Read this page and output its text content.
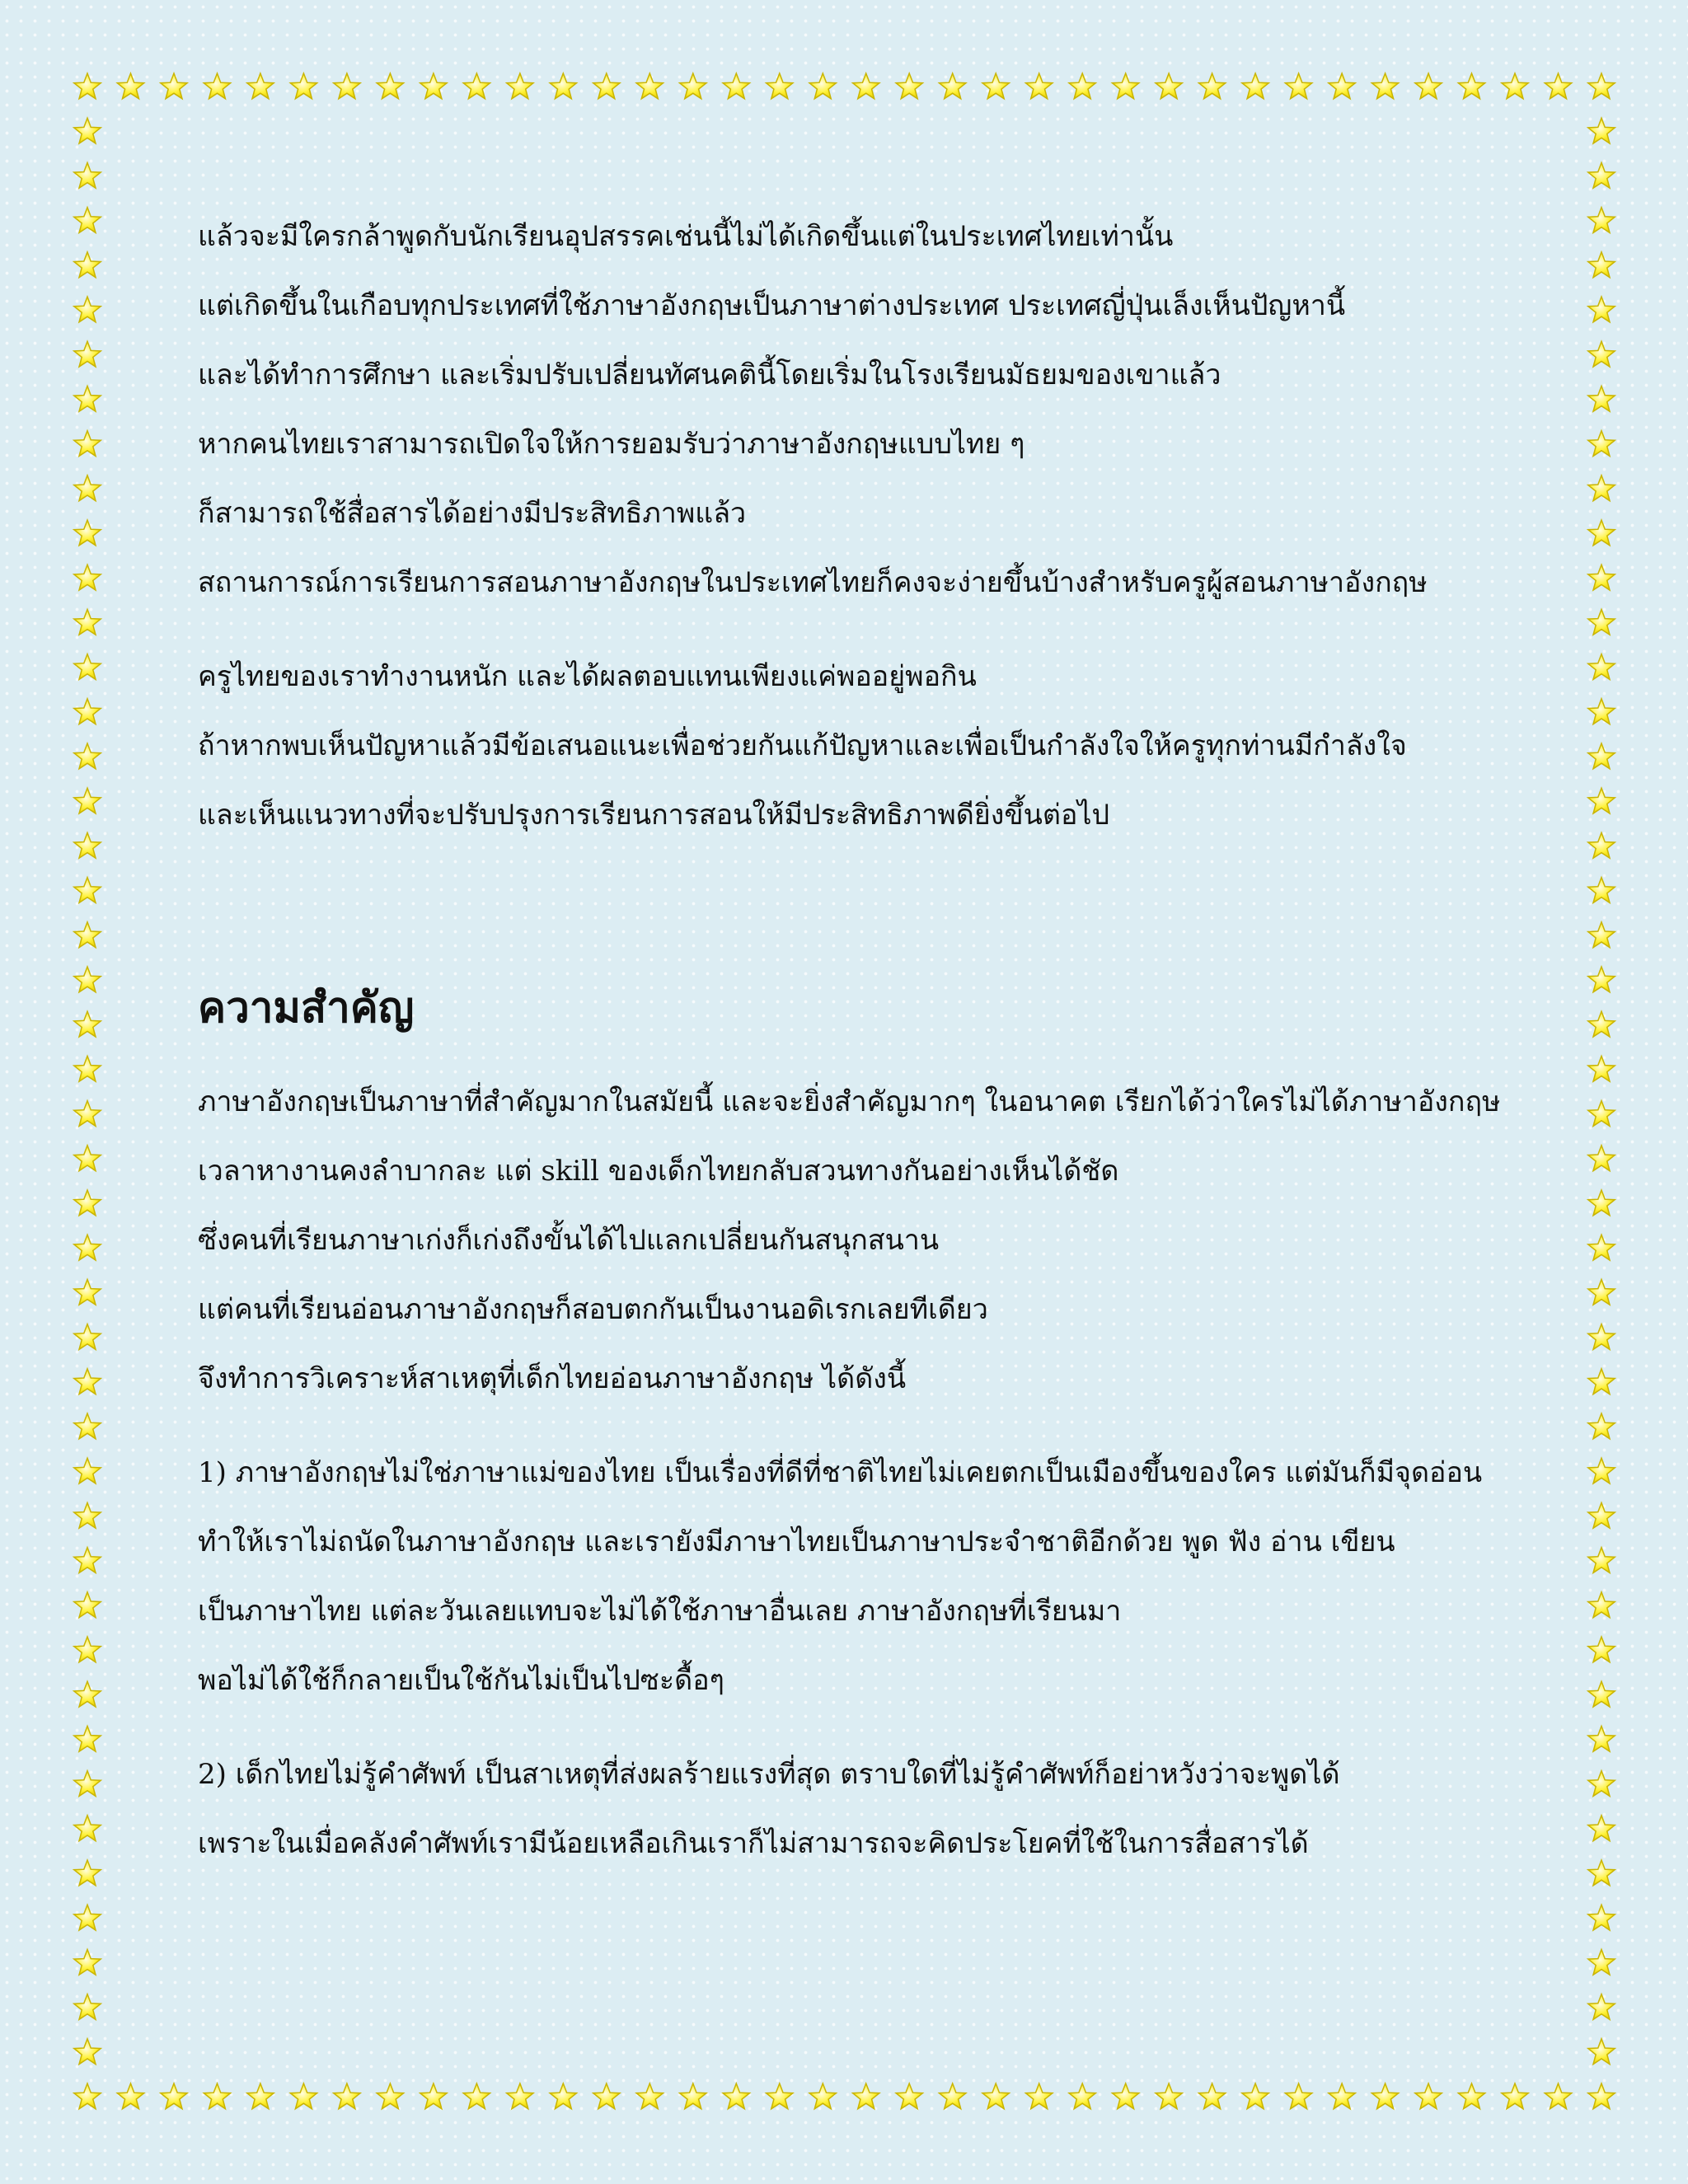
แล้วจะมีใครกล้าพูดกับนักเรียนอุปสรรคเช่นนี้ไม่ได้เกิดขึ้นแต่ในประเทศไทยเท่านั้น

แต่เกิดขึ้นในเกือบทุกประเทศที่ใช้ภาษาอังกฤษเป็นภาษาต่างประเทศ ประเทศญี่ปุ่นเล็งเห็นปัญหานี้

และได้ทำการศึกษา และเริ่มปรับเปลี่ยนทัศนคตินี้โดยเริ่มในโรงเรียนมัธยมของเขาแล้ว

หากคนไทยเราสามารถเปิดใจให้การยอมรับว่าภาษาอังกฤษแบบไทย ๆ

ก็สามารถใช้สื่อสารได้อย่างมีประสิทธิภาพแล้ว

สถานการณ์การเรียนการสอนภาษาอังกฤษในประเทศไทยก็คงจะง่ายขึ้นบ้างสำหรับครูผู้สอนภาษาอังกฤษ

ครูไทยของเราทำงานหนัก และได้ผลตอบแทนเพียงแค่พออยู่พอกิน

ถ้าหากพบเห็นปัญหาแล้วมีข้อเสนอแนะเพื่อช่วยกันแก้ปัญหาและเพื่อเป็นกำลังใจให้ครูทุกท่านมีกำลังใจ

และเห็นแนวทางที่จะปรับปรุงการเรียนการสอนให้มีประสิทธิภาพดียิ่งขึ้นต่อไป

ความสำคัญ

ภาษาอังกฤษเป็นภาษาที่สำคัญมากในสมัยนี้ และจะยิ่งสำคัญมากๆ ในอนาคต เรียกได้ว่าใครไม่ได้ภาษาอังกฤษ

เวลาหางานคงลำบากละ แต่ skill ของเด็กไทยกลับสวนทางกันอย่างเห็นได้ชัด

ซึ่งคนที่เรียนภาษาเก่งก็เก่งถึงขั้นได้ไปแลกเปลี่ยนกันสนุกสนาน

แต่คนที่เรียนอ่อนภาษาอังกฤษก็สอบตกกันเป็นงานอดิเรกเลยทีเดียว

จึงทำการวิเคราะห์สาเหตุที่เด็กไทยอ่อนภาษาอังกฤษ ได้ดังนี้

1) ภาษาอังกฤษไม่ใช่ภาษาแม่ของไทย เป็นเรื่องที่ดีที่ชาติไทยไม่เคยตกเป็นเมืองขึ้นของใคร แต่มันก็มีจุดอ่อน

ทำให้เราไม่ถนัดในภาษาอังกฤษ และเรายังมีภาษาไทยเป็นภาษาประจำชาติอีกด้วย พูด ฟัง อ่าน เขียน

เป็นภาษาไทย แต่ละวันเลยแทบจะไม่ได้ใช้ภาษาอื่นเลย ภาษาอังกฤษที่เรียนมา

พอไม่ได้ใช้ก็กลายเป็นใช้กันไม่เป็นไปซะดื้อๆ

2) เด็กไทยไม่รู้คำศัพท์ เป็นสาเหตุที่ส่งผลร้ายแรงที่สุด ตราบใดที่ไม่รู้คำศัพท์ก็อย่าหวังว่าจะพูดได้

เพราะในเมื่อคลังคำศัพท์เรามีน้อยเหลือเกินเราก็ไม่สามารถจะคิดประโยคที่ใช้ในการสื่อสารได้
